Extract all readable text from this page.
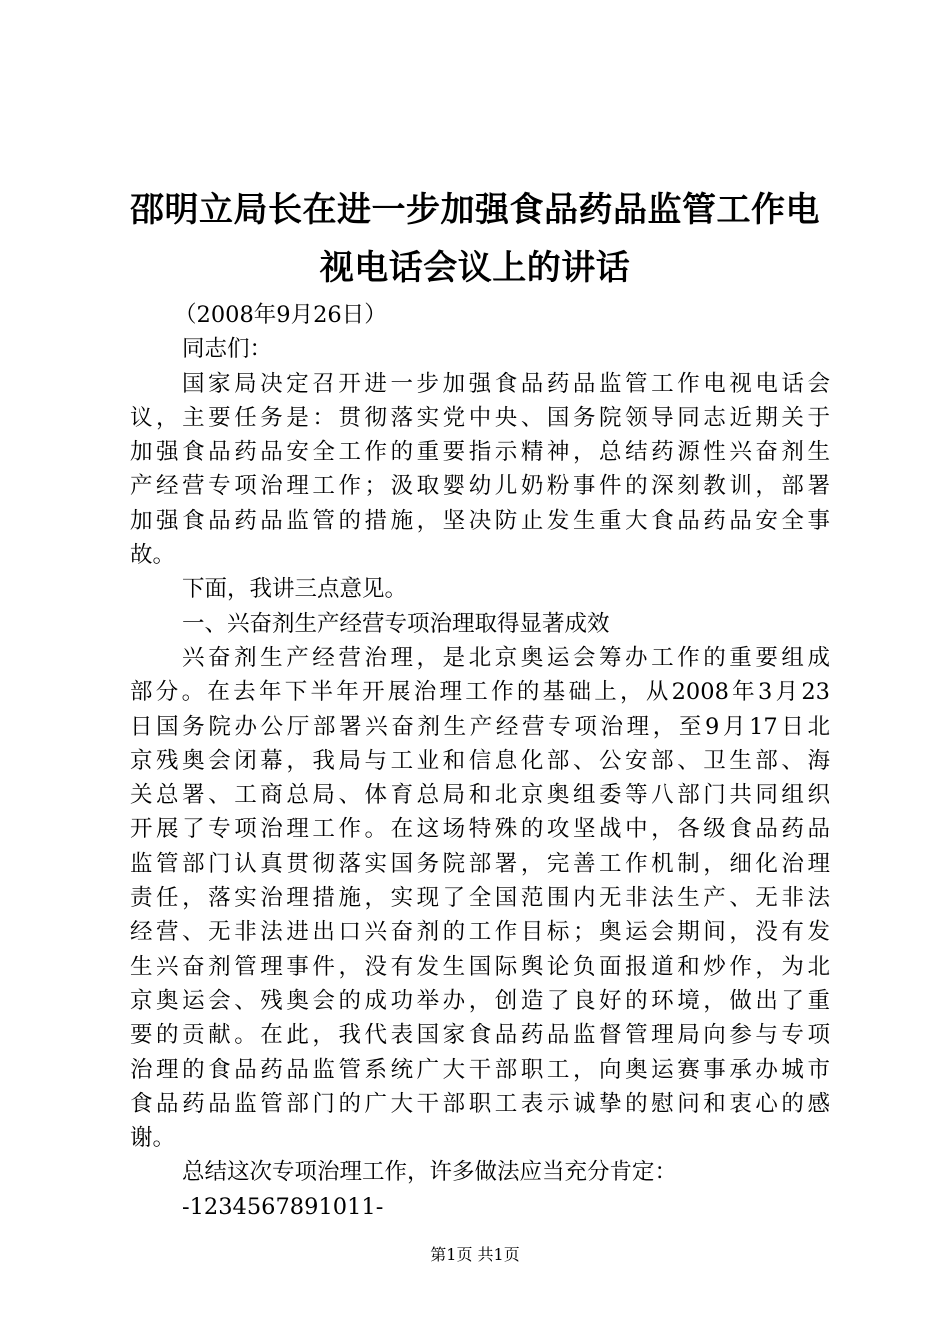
邵明立局长在进一步加强食品药品监管工作电
视电话会议上的讲话
（2008年9月26日）
同志们：
国家局决定召开进一步加强食品药品监管工作电视电话会
议，主要任务是：贯彻落实党中央、国务院领导同志近期关于
加强食品药品安全工作的重要指示精神，总结药源性兴奋剂生
产经营专项治理工作；汲取婴幼儿奶粉事件的深刻教训，部署
加强食品药品监管的措施，坚决防止发生重大食品药品安全事
故。
下面，我讲三点意见。
一、兴奋剂生产经营专项治理取得显著成效
兴奋剂生产经营治理，是北京奥运会筹办工作的重要组成
部分。在去年下半年开展治理工作的基础上，从2008年3月23
日国务院办公厅部署兴奋剂生产经营专项治理，至9月17日北
京残奥会闭幕，我局与工业和信息化部、公安部、卫生部、海
关总署、工商总局、体育总局和北京奥组委等八部门共同组织
开展了专项治理工作。在这场特殊的攻坚战中，各级食品药品
监管部门认真贯彻落实国务院部署，完善工作机制，细化治理
责任，落实治理措施，实现了全国范围内无非法生产、无非法
经营、无非法进出口兴奋剂的工作目标；奥运会期间，没有发
生兴奋剂管理事件，没有发生国际舆论负面报道和炒作，为北
京奥运会、残奥会的成功举办，创造了良好的环境，做出了重
要的贡献。在此，我代表国家食品药品监督管理局向参与专项
治理的食品药品监管系统广大干部职工，向奥运赛事承办城市
食品药品监管部门的广大干部职工表示诚挚的慰问和衷心的感
谢。
总结这次专项治理工作，许多做法应当充分肯定：
-1234567891011-
第1页 共1页
